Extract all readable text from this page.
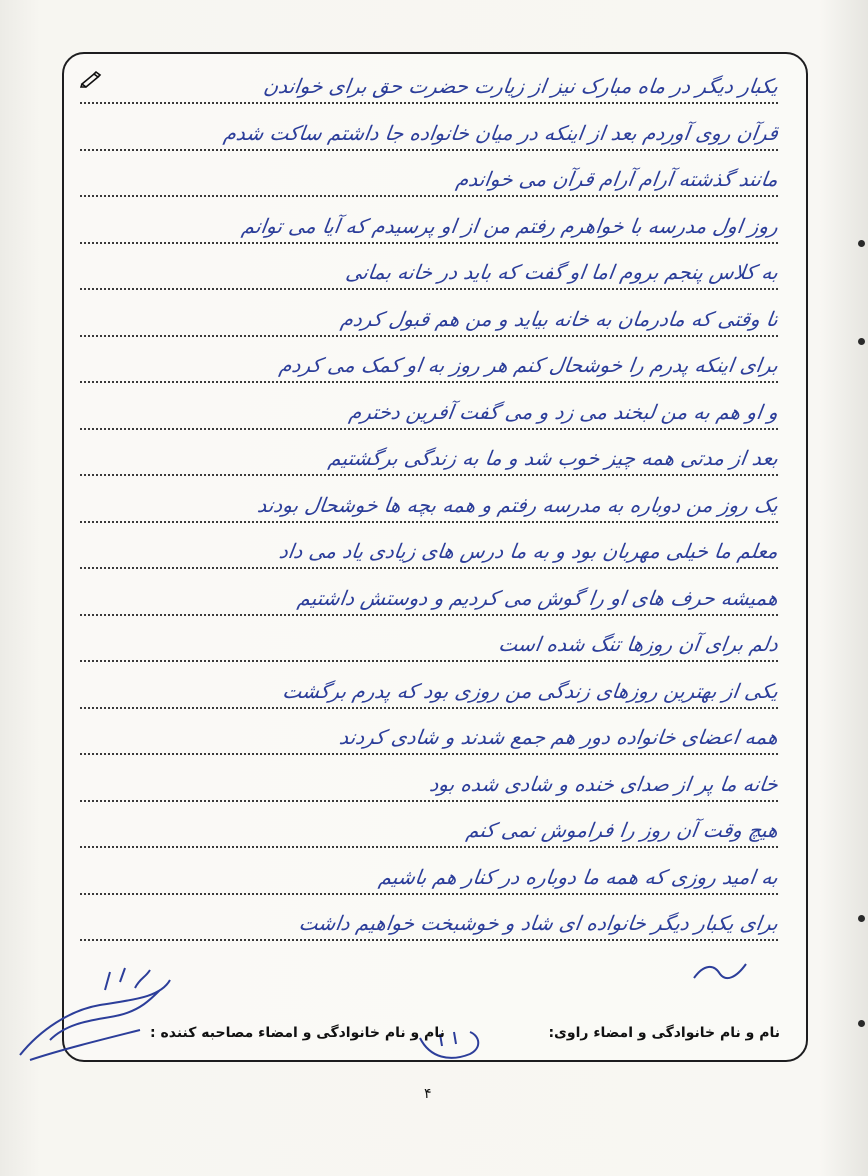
یکبار دیگر در ماه مبارک نیز از زیارت حضرت حق برای خواندن
قرآن روی آوردم بعد از اینکه در میان خانواده جا داشتم ساکت شدم
مانند گذشته آرام آرام قرآن می خواندم
روز اول مدرسه با خواهرم رفتم من از او پرسیدم که آیا می توانم
به کلاس پنجم بروم اما او گفت که باید در خانه بمانی
تا وقتی که مادرمان به خانه بیاید و من هم قبول کردم
برای اینکه پدرم را خوشحال کنم هر روز به او کمک می کردم
و او هم به من لبخند می زد و می گفت آفرین دخترم
بعد از مدتی همه چیز خوب شد و ما به زندگی برگشتیم
یک روز من دوباره به مدرسه رفتم و همه بچه ها خوشحال بودند
معلم ما خیلی مهربان بود و به ما درس های زیادی یاد می داد
همیشه حرف های او را گوش می کردیم و دوستش داشتیم
دلم برای آن روزها تنگ شده است
یکی از بهترین روزهای زندگی من روزی بود که پدرم برگشت
همه اعضای خانواده دور هم جمع شدند و شادی کردند
خانه ما پر از صدای خنده و شادی شده بود
هیچ وقت آن روز را فراموش نمی کنم
به امید روزی که همه ما دوباره در کنار هم باشیم
برای یکبار دیگر خانواده ای شاد و خوشبخت خواهیم داشت
نام و نام خانوادگی و امضاء راوی:
نام و نام خانوادگی و امضاء مصاحبه کننده :
۴
